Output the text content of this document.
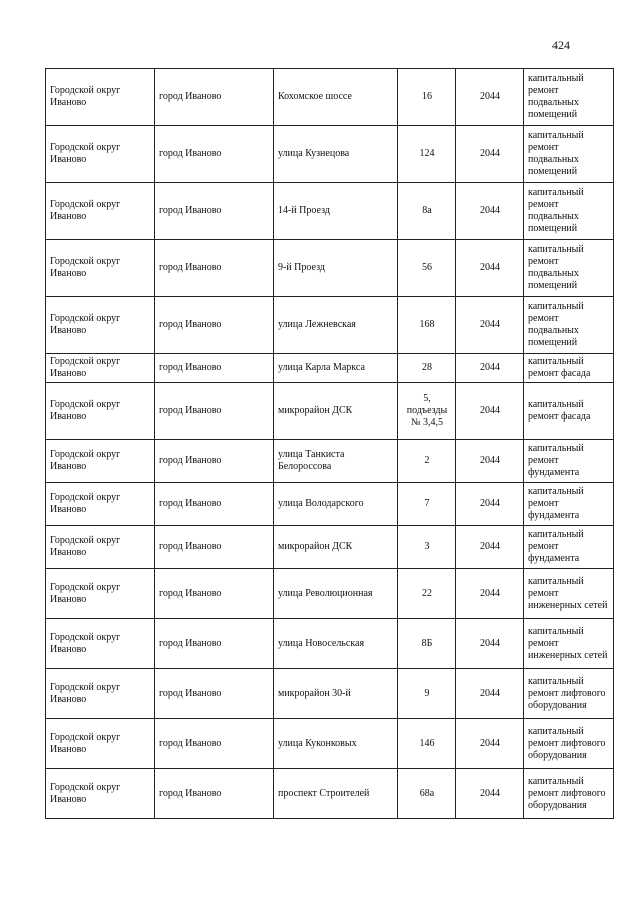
424
Городской округ Иваново	город Иваново	Кохомское шоссе	16	2044	капитальный ремонт подвальных помещений
Городской округ Иваново	город Иваново	улица Кузнецова	124	2044	капитальный ремонт подвальных помещений
Городской округ Иваново	город Иваново	14-й Проезд	8а	2044	капитальный ремонт подвальных помещений
Городской округ Иваново	город Иваново	9-й Проезд	56	2044	капитальный ремонт подвальных помещений
Городской округ Иваново	город Иваново	улица Лежневская	168	2044	капитальный ремонт подвальных помещений
Городской округ Иваново	город Иваново	улица Карла Маркса	28	2044	капитальный ремонт фасада
Городской округ Иваново	город Иваново	микрорайон ДСК	5, подъезды № 3,4,5	2044	капитальный ремонт фасада
Городской округ Иваново	город Иваново	улица Танкиста Белороссова	2	2044	капитальный ремонт фундамента
Городской округ Иваново	город Иваново	улица Володарского	7	2044	капитальный ремонт фундамента
Городской округ Иваново	город Иваново	микрорайон ДСК	3	2044	капитальный ремонт фундамента
Городской округ Иваново	город Иваново	улица Революционная	22	2044	капитальный ремонт инженерных сетей
Городской округ Иваново	город Иваново	улица Новосельская	8Б	2044	капитальный ремонт инженерных сетей
Городской округ Иваново	город Иваново	микрорайон 30-й	9	2044	капитальный ремонт лифтового оборудования
Городской округ Иваново	город Иваново	улица Куконковых	146	2044	капитальный ремонт лифтового оборудования
Городской округ Иваново	город Иваново	проспект Строителей	68а	2044	капитальный ремонт лифтового оборудования
